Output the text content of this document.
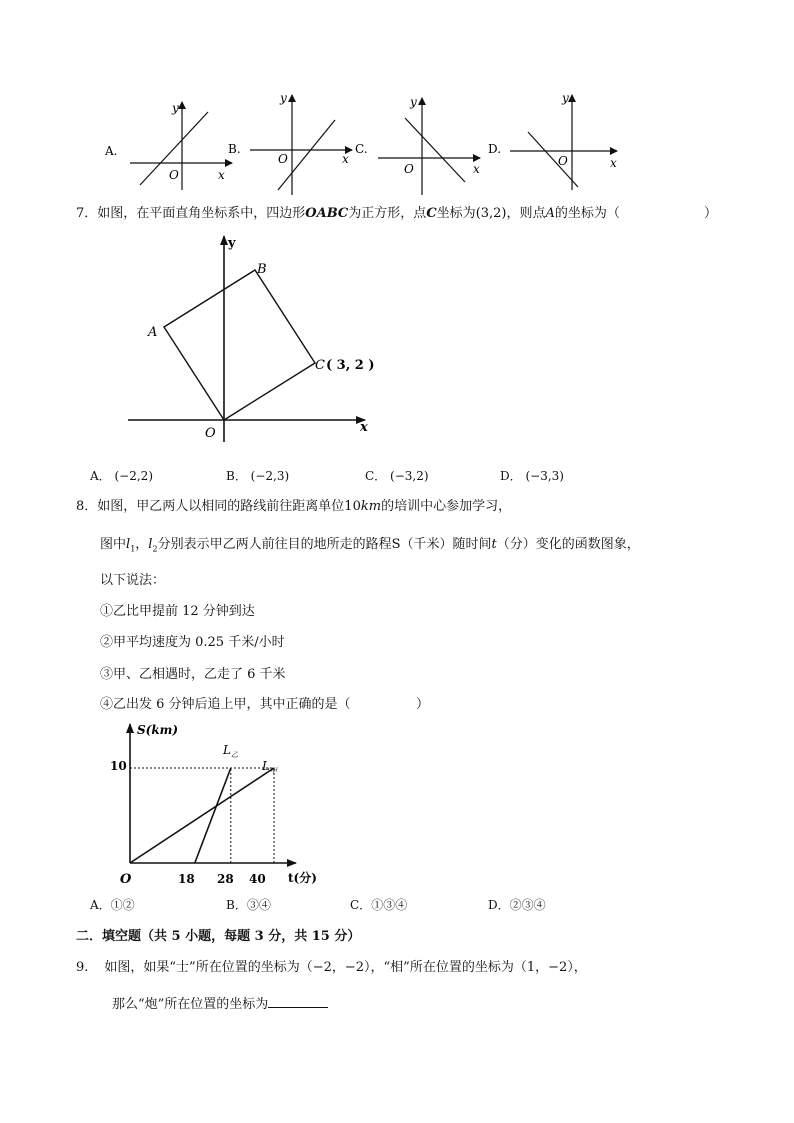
A.
y
O	x
B.
y
O	x
C.
y
O	x
D.
y
O	x
7．如图，在平面直角坐标系中，四边形OABC为正方形，点C坐标为(3,2)，则点A的坐标为（	）
y
B
A
C ( 3, 2 )
O	x
A． (−2,2)	B． (−2,3)	C． (−3,2)	D． (−3,3)
8．如图，甲乙两人以相同的路线前往距离单位10km的培训中心参加学习，
图中$l_1$，$l_2$分别表示甲乙两人前往目的地所走的路程S（千米）随时间t（分）变化的函数图象，
以下说法：
①乙比甲提前 12 分钟到达
②甲平均速度为 0.25 千米/小时
③甲、乙相遇时，乙走了 6 千米
④乙出发 6 分钟后追上甲，其中正确的是（	）
S(km)
10
O	18 28 40 t(分)
$L_乙$
$L_甲$
A．①②	B．③④	C．①③④	D．②③④
二．填空题（共 5 小题，每题 3 分，共 15 分）
9. 如图，如果“士”所在位置的坐标为（−2，−2），“相”所在位置的坐标为（1，−2），
那么“炮”所在位置的坐标为
